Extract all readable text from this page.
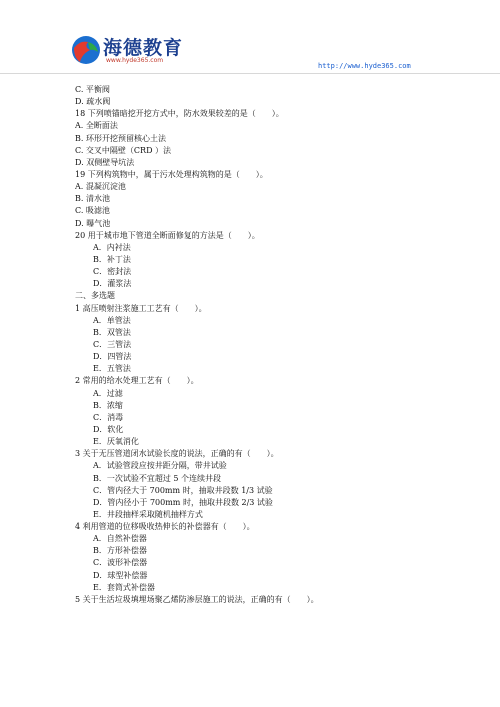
海德教育
www.hyde365.com
http://www.hyde365.com
C. 平衡阀
D. 疏水阀
18 下列喷锚暗挖开挖方式中，防水效果较差的是（　　）。
A. 全断面法
B. 环形开挖预留核心土法
C. 交叉中隔壁（CRD ）法
D. 双侧壁导坑法
19 下列构筑物中，属于污水处理构筑物的是（　　）。
A. 混凝沉淀池
B. 清水池
C. 吸滤池
D. 曝气池
20 用于城市地下管道全断面修复的方法是（　　）。
A．内衬法
B．补丁法
C．密封法
D．灌浆法
二、多选题
1 高压喷射注浆施工工艺有（　　）。
A．单管法
B．双管法
C．三管法
D．四管法
E．五管法
2 常用的给水处理工艺有（　　）。
A．过滤
B．浓缩
C．消毒
D．软化
E．厌氧消化
3 关于无压管道闭水试验长度的说法，正确的有（　　）。
A．试验管段应按井距分隔，带井试验
B．一次试验不宜超过 5 个连续井段
C．管内径大于 700mm 时，抽取井段数 1/3 试验
D．管内径小于 700mm 时，抽取井段数 2/3 试验
E．井段抽样采取随机抽样方式
4 利用管道的位移吸收热伸长的补偿器有（　　）。
A．自然补偿器
B．方形补偿器
C．波形补偿器
D．球型补偿器
E．套筒式补偿器
5 关于生活垃圾填埋场聚乙烯防渗层施工的说法，正确的有（　　）。
